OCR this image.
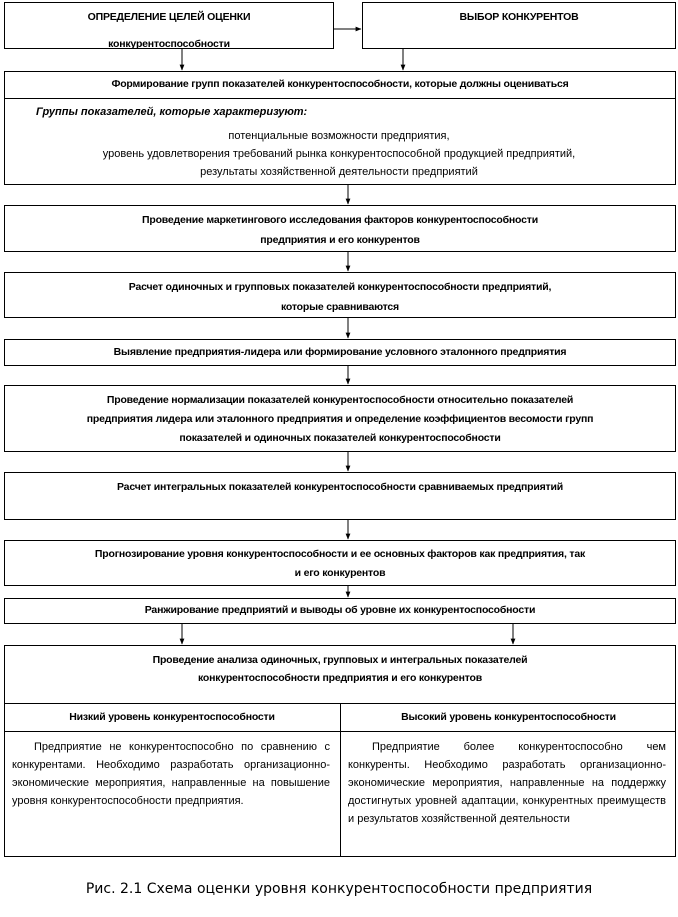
ОПРЕДЕЛЕНИЕ ЦЕЛЕЙ ОЦЕНКИ
конкурентоспособности
ВЫБОР КОНКУРЕНТОВ
Формирование групп показателей конкурентоспособности, которые должны оцениваться
Группы показателей, которые характеризуют:
потенциальные возможности предприятия,
уровень удовлетворения требований рынка конкурентоспособной продукцией предприятий,
результаты хозяйственной деятельности предприятий
Проведение маркетингового исследования факторов конкурентоспособности
предприятия и его конкурентов
Расчет одиночных и групповых показателей конкурентоспособности предприятий,
которые сравниваются
Выявление предприятия-лидера или формирование условного эталонного предприятия
Проведение нормализации показателей конкурентоспособности относительно показателей
предприятия лидера или эталонного предприятия и определение коэффициентов весомости групп
показателей и одиночных показателей конкурентоспособности
Расчет интегральных показателей конкурентоспособности сравниваемых предприятий
Прогнозирование уровня конкурентоспособности и ее основных факторов как предприятия, так
и его конкурентов
Ранжирование предприятий и выводы об уровне их конкурентоспособности
Проведение анализа одиночных, групповых и интегральных показателей
конкурентоспособности предприятия и его конкурентов
Низкий уровень конкурентоспособности	Высокий уровень конкурентоспособности
Предприятие не конкурентоспособно по сравнению с конкурентами. Необходимо разработать организационно-экономические мероприятия, направленные на повышение уровня конкурентоспособности предприятия.
Предприятие более конкурентоспособно чем конкуренты. Необходимо разработать организационно-экономические мероприятия, направленные на поддержку достигнутых уровней адаптации, конкурентных преимуществ и результатов хозяйственной деятельности
Рис. 2.1 Схема оценки уровня конкурентоспособности предприятия
